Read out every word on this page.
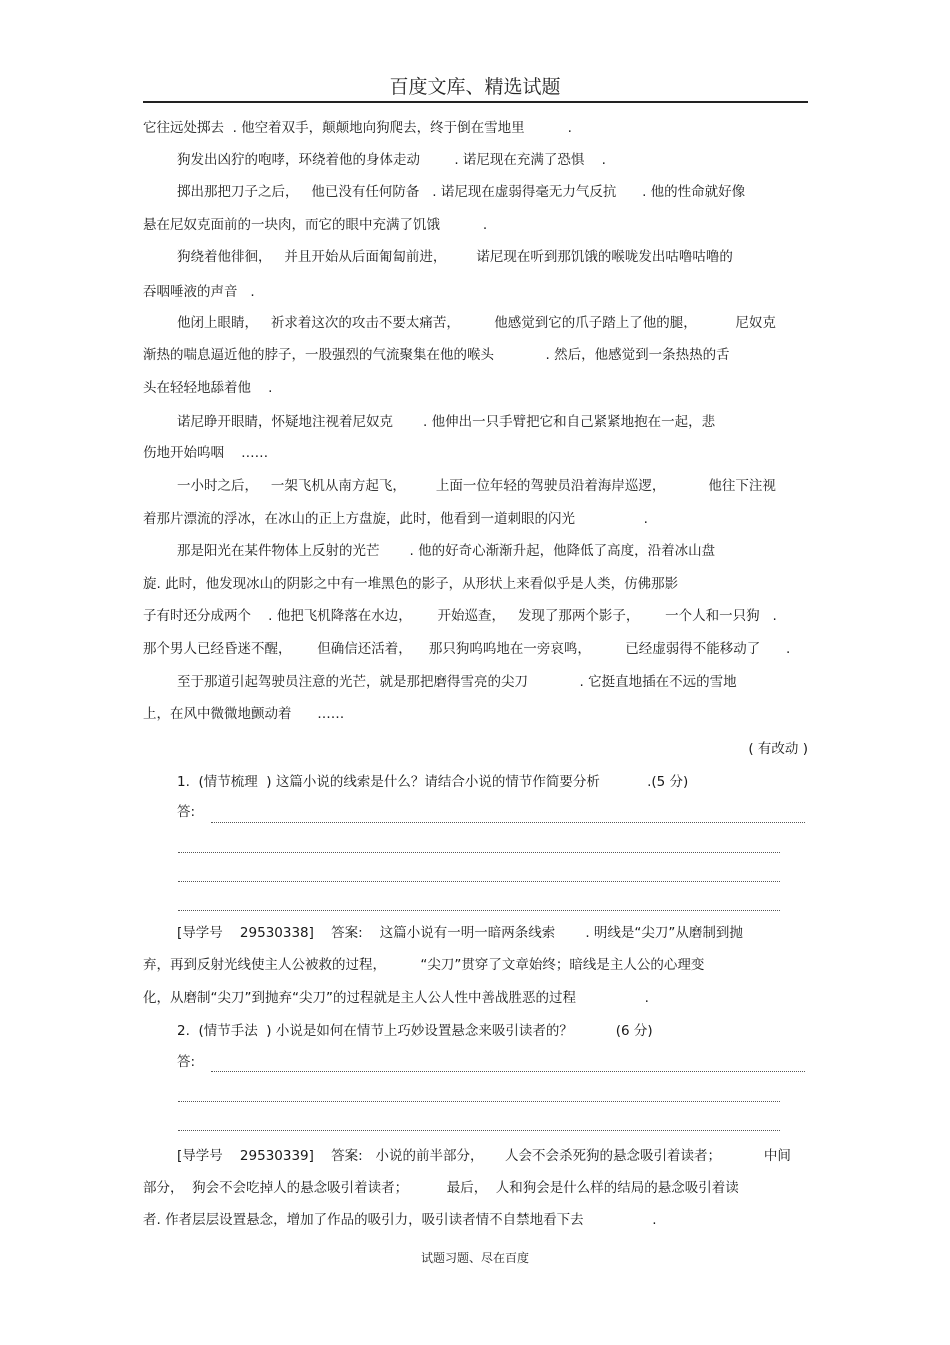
百度文库、精选试题
它往远处掷去  . 他空着双手，颠颠地向狗爬去，终于倒在雪地里          .
狗发出凶狞的咆哮，环绕着他的身体走动        . 诺尼现在充满了恐惧    .
掷出那把刀子之后，   他已没有任何防备   . 诺尼现在虚弱得毫无力气反抗      . 他的性命就好像
悬在尼奴克面前的一块肉，而它的眼中充满了饥饿          .
狗绕着他徘徊，   并且开始从后面匍匐前进，       诺尼现在听到那饥饿的喉咙发出咕噜咕噜的
吞咽唾液的声音   .
他闭上眼睛，   祈求着这次的攻击不要太痛苦，        他感觉到它的爪子踏上了他的腿，         尼奴克
渐热的喘息逼近他的脖子，一股强烈的气流聚集在他的喉头            . 然后，他感觉到一条热热的舌
头在轻轻地舔着他    .
诺尼睁开眼睛，怀疑地注视着尼奴克       . 他伸出一只手臂把它和自己紧紧地抱在一起，悲
伤地开始呜咽    ……
一小时之后，   一架飞机从南方起飞，       上面一位年轻的驾驶员沿着海岸巡逻，          他往下注视
着那片漂流的浮冰，在冰山的正上方盘旋，此时，他看到一道刺眼的闪光                .
那是阳光在某件物体上反射的光芒       . 他的好奇心渐渐升起，他降低了高度，沿着冰山盘
旋. 此时，他发现冰山的阴影之中有一堆黑色的影子，从形状上来看似乎是人类，仿佛那影
子有时还分成两个    . 他把飞机降落在水边，      开始巡查，   发现了那两个影子，      一个人和一只狗   .
那个男人已经昏迷不醒，      但确信还活着，    那只狗呜呜地在一旁哀鸣，        已经虚弱得不能移动了      .
至于那道引起驾驶员注意的光芒，就是那把磨得雪亮的尖刀            . 它挺直地插在不远的雪地
上，在风中微微地颤动着      ……
( 有改动 )
1.  (情节梳理  ) 这篇小说的线索是什么？请结合小说的情节作简要分析           .(5 分)
答:
[导学号    29530338]    答案:    这篇小说有一明一暗两条线索       . 明线是“尖刀”从磨制到抛
弃，再到反射光线使主人公被救的过程，        “尖刀”贯穿了文章始终；暗线是主人公的心理变
化，从磨制“尖刀”到抛弃“尖刀”的过程就是主人公人性中善战胜恶的过程                .
2.  (情节手法  ) 小说是如何在情节上巧妙设置悬念来吸引读者的？          (6 分)
答:
[导学号    29530339]    答案:   小说的前半部分，     人会不会杀死狗的悬念吸引着读者；          中间
部分，  狗会不会吃掉人的悬念吸引着读者；         最后，  人和狗会是什么样的结局的悬念吸引着读
者. 作者层层设置悬念，增加了作品的吸引力，吸引读者情不自禁地看下去                .
试题习题、尽在百度
